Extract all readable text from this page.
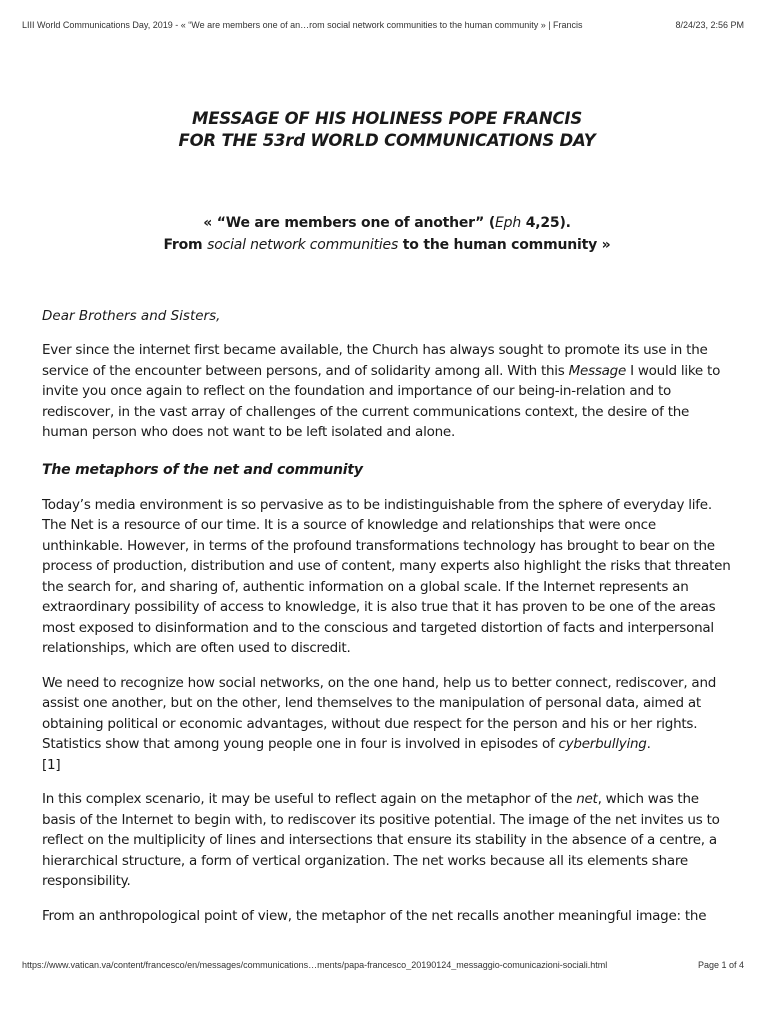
LIII World Communications Day, 2019 - « “We are members one of an…rom social network communities to the human community » | Francis	8/24/23, 2:56 PM
MESSAGE OF HIS HOLINESS POPE FRANCIS
FOR THE 53rd WORLD COMMUNICATIONS DAY
« “We are members one of another” (Eph 4,25).
From social network communities to the human community »

Dear Brothers and Sisters,

Ever since the internet first became available, the Church has always sought to promote its use in the service of the encounter between persons, and of solidarity among all. With this Message I would like to invite you once again to reflect on the foundation and importance of our being-in-relation and to rediscover, in the vast array of challenges of the current communications context, the desire of the human person who does not want to be left isolated and alone.

The metaphors of the net and community

Today’s media environment is so pervasive as to be indistinguishable from the sphere of everyday life. The Net is a resource of our time. It is a source of knowledge and relationships that were once unthinkable. However, in terms of the profound transformations technology has brought to bear on the process of production, distribution and use of content, many experts also highlight the risks that threaten the search for, and sharing of, authentic information on a global scale. If the Internet represents an extraordinary possibility of access to knowledge, it is also true that it has proven to be one of the areas most exposed to disinformation and to the conscious and targeted distortion of facts and interpersonal relationships, which are often used to discredit.

We need to recognize how social networks, on the one hand, help us to better connect, rediscover, and assist one another, but on the other, lend themselves to the manipulation of personal data, aimed at obtaining political or economic advantages, without due respect for the person and his or her rights. Statistics show that among young people one in four is involved in episodes of cyberbullying.
[1]

In this complex scenario, it may be useful to reflect again on the metaphor of the net, which was the basis of the Internet to begin with, to rediscover its positive potential. The image of the net invites us to reflect on the multiplicity of lines and intersections that ensure its stability in the absence of a centre, a hierarchical structure, a form of vertical organization. The net works because all its elements share responsibility.

From an anthropological point of view, the metaphor of the net recalls another meaningful image: the

https://www.vatican.va/content/francesco/en/messages/communications…ments/papa-francesco_20190124_messaggio-comunicazioni-sociali.html	Page 1 of 4
